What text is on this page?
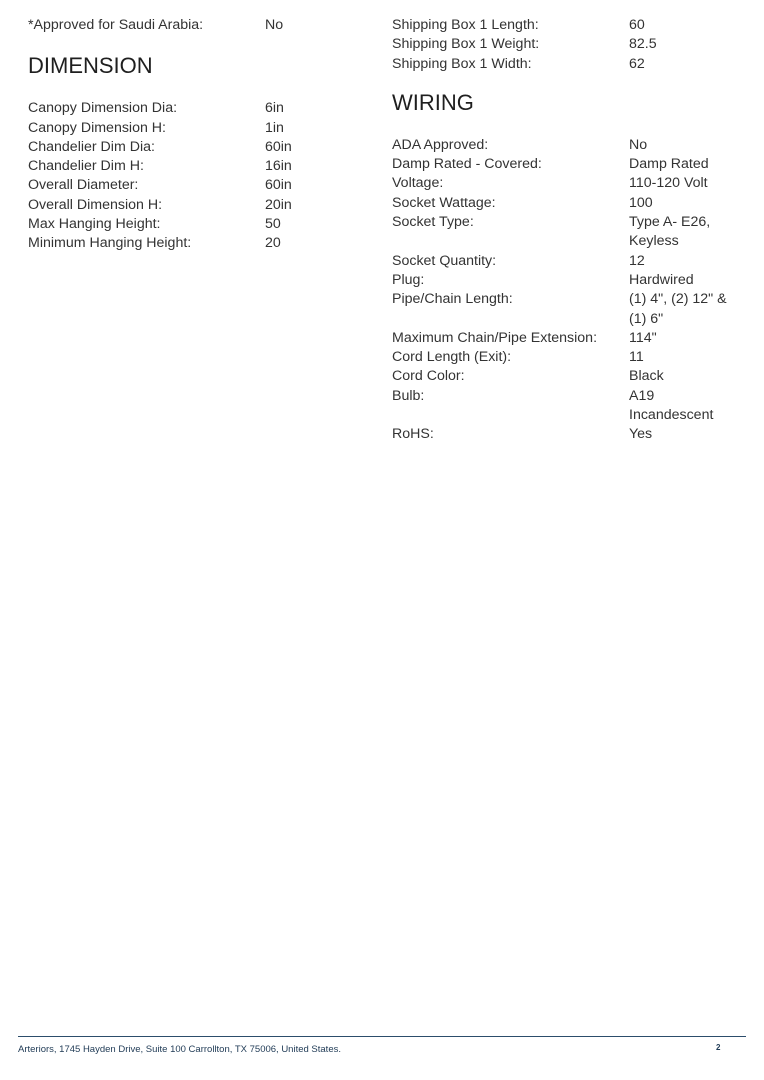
*Approved for Saudi Arabia:	No
DIMENSION
Canopy Dimension Dia:	6in
Canopy Dimension H:	1in
Chandelier Dim Dia:	60in
Chandelier Dim H:	16in
Overall Diameter:	60in
Overall Dimension H:	20in
Max Hanging Height:	50
Minimum Hanging Height:	20
Shipping Box 1 Length:	60
Shipping Box 1 Weight:	82.5
Shipping Box 1 Width:	62
WIRING
ADA Approved:	No
Damp Rated - Covered:	Damp Rated
Voltage:	110-120 Volt
Socket Wattage:	100
Socket Type:	Type A- E26, Keyless
Socket Quantity:	12
Plug:	Hardwired
Pipe/Chain Length:	(1) 4", (2) 12" & (1) 6"
Maximum Chain/Pipe Extension:	114"
Cord Length (Exit):	11
Cord Color:	Black
Bulb:	A19 Incandescent
RoHS:	Yes
Arteriors, 1745 Hayden Drive, Suite 100 Carrollton, TX 75006, United States.	2
